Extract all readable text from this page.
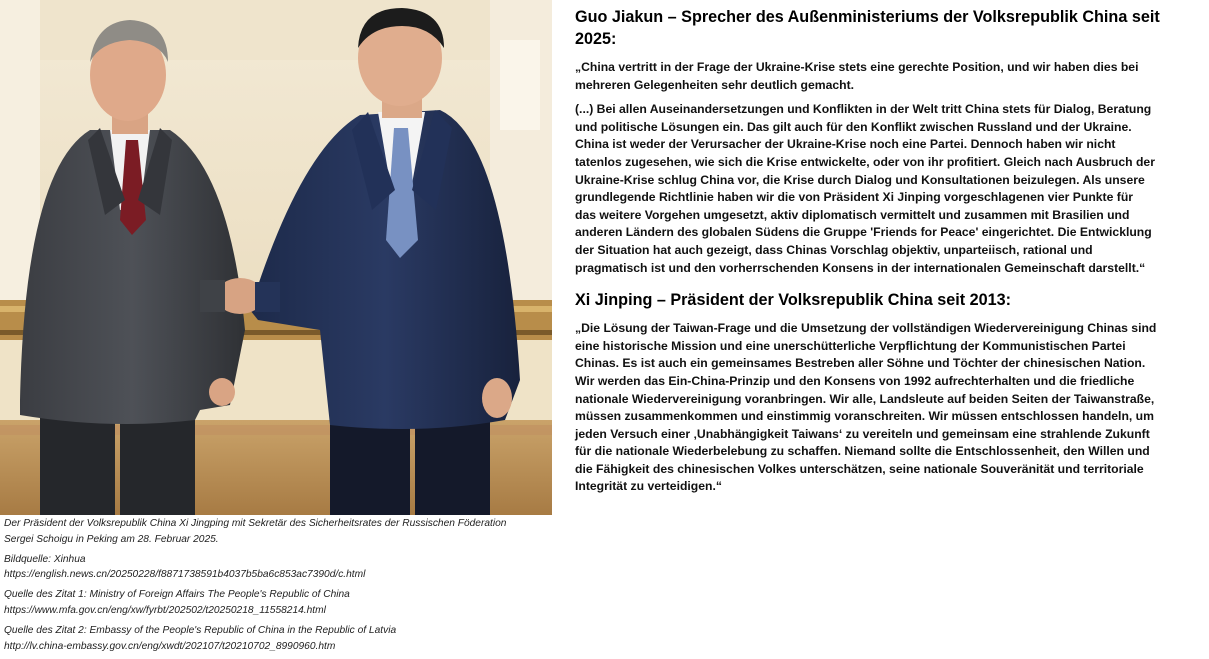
Der Präsident der Volksrepublik China Xi Jingping mit Sekretär des Sicherheitsrates der Russischen Föderation

Sergei Schoigu in Peking am 28. Februar 2025.

Bildquelle: Xinhua

https://english.news.cn/20250228/f8871738591b4037b5ba6c853ac7390d/c.html

Quelle des Zitat 1: Ministry of Foreign Affairs The People's Republic of China

https://www.mfa.gov.cn/eng/xw/fyrbt/202502/t20250218_11558214.html

Quelle des Zitat 2: Embassy of the People's Republic of China in the Republic of Latvia

http://lv.china-embassy.gov.cn/eng/xwdt/202107/t20210702_8990960.htm

Guo Jiakun – Sprecher des Außenministeriums der Volksrepublik China seit 2025:

„China vertritt in der Frage der Ukraine-Krise stets eine gerechte Position, und wir haben dies bei mehreren Gelegenheiten sehr deutlich gemacht.

(...) Bei allen Auseinandersetzungen und Konflikten in der Welt tritt China stets für Dialog, Beratung und politische Lösungen ein. Das gilt auch für den Konflikt zwischen Russland und der Ukraine. China ist weder der Verursacher der Ukraine-Krise noch eine Partei. Dennoch haben wir nicht tatenlos zugesehen, wie sich die Krise entwickelte, oder von ihr profitiert. Gleich nach Ausbruch der Ukraine-Krise schlug China vor, die Krise durch Dialog und Konsultationen beizulegen. Als unsere grundlegende Richtlinie haben wir die von Präsident Xi Jinping vorgeschlagenen vier Punkte für das weitere Vorgehen umgesetzt, aktiv diplomatisch vermittelt und zusammen mit Brasilien und anderen Ländern des globalen Südens die Gruppe 'Friends for Peace' eingerichtet. Die Entwicklung der Situation hat auch gezeigt, dass Chinas Vorschlag objektiv, unparteiisch, rational und pragmatisch ist und den vorherrschenden Konsens in der internationalen Gemeinschaft darstellt.“

Xi Jinping – Präsident der Volksrepublik China seit 2013:

„Die Lösung der Taiwan-Frage und die Umsetzung der vollständigen Wiedervereinigung Chinas sind eine historische Mission und eine unerschütterliche Verpflichtung der Kommunistischen Partei Chinas. Es ist auch ein gemeinsames Bestreben aller Söhne und Töchter der chinesischen Nation. Wir werden das Ein-China-Prinzip und den Konsens von 1992 aufrechterhalten und die friedliche nationale Wiedervereinigung voranbringen. Wir alle, Landsleute auf beiden Seiten der Taiwanstraße, müssen zusammenkommen und einstimmig voranschreiten. Wir müssen entschlossen handeln, um jeden Versuch einer ‚Unabhängigkeit Taiwans‘ zu vereiteln und gemeinsam eine strahlende Zukunft für die nationale Wiederbelebung zu schaffen. Niemand sollte die Entschlossenheit, den Willen und die Fähigkeit des chinesischen Volkes unterschätzen, seine nationale Souveränität und territoriale Integrität zu verteidigen.“
